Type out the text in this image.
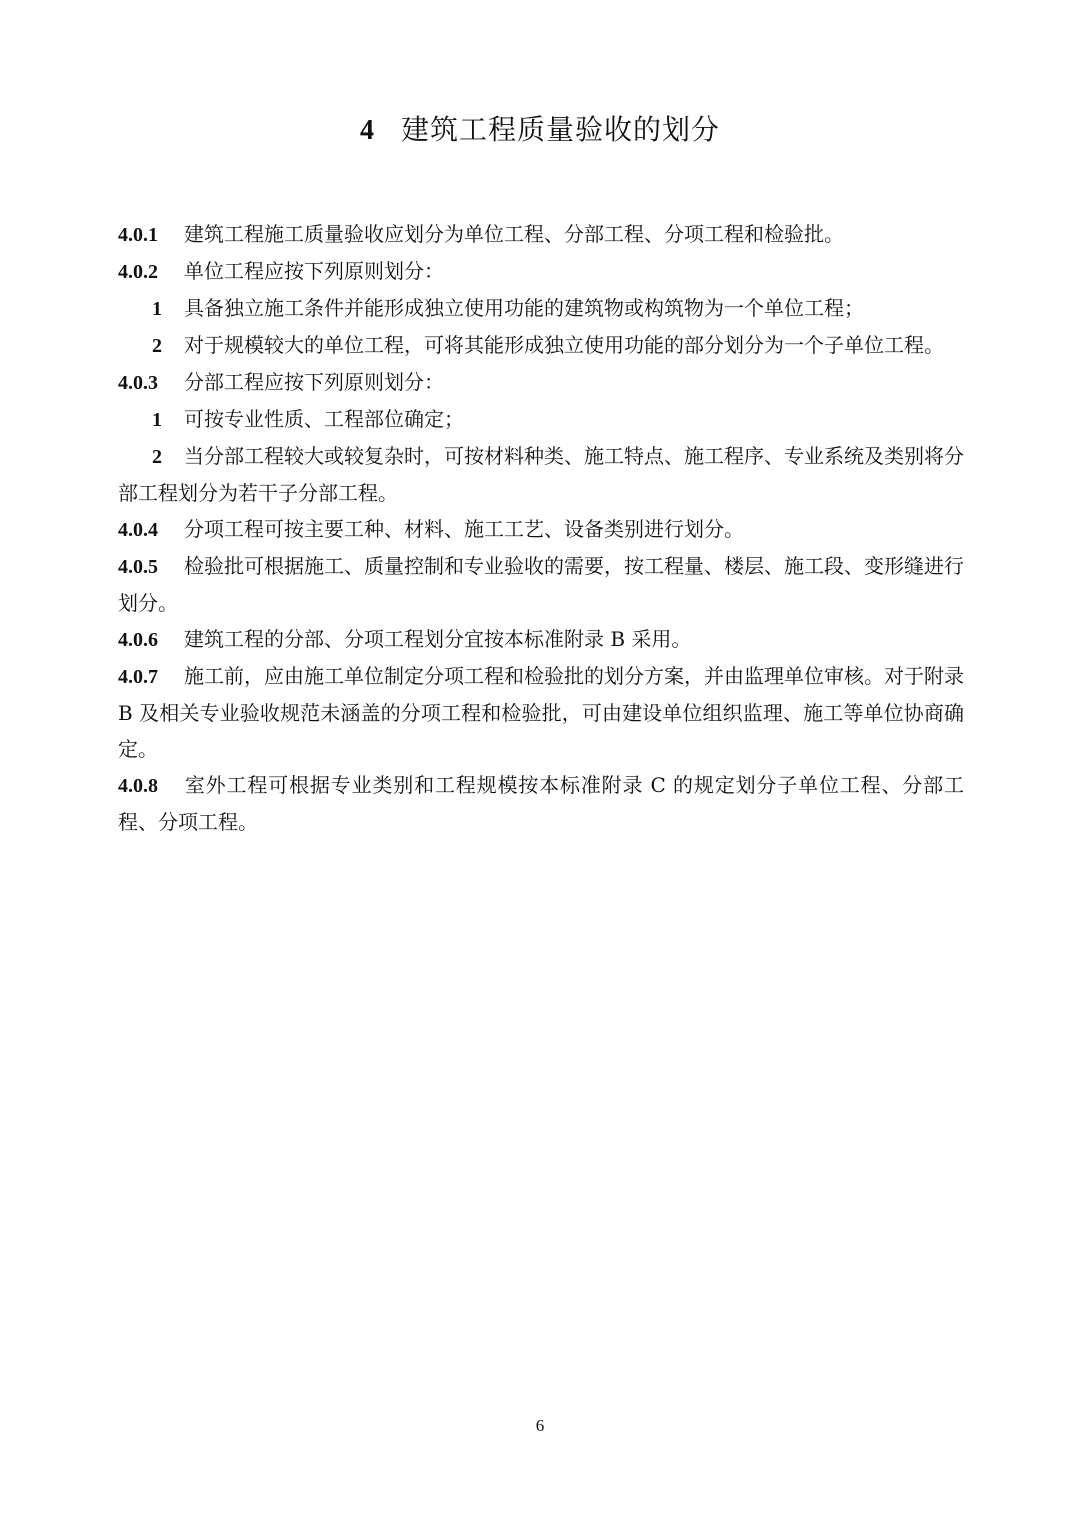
4 建筑工程质量验收的划分

4.0.1 建筑工程施工质量验收应划分为单位工程、分部工程、分项工程和检验批。

4.0.2 单位工程应按下列原则划分：

1 具备独立施工条件并能形成独立使用功能的建筑物或构筑物为一个单位工程；

2 对于规模较大的单位工程，可将其能形成独立使用功能的部分划分为一个子单位工程。

4.0.3 分部工程应按下列原则划分：

1 可按专业性质、工程部位确定；

2 当分部工程较大或较复杂时，可按材料种类、施工特点、施工程序、专业系统及类别将分部工程划分为若干子分部工程。

4.0.4 分项工程可按主要工种、材料、施工工艺、设备类别进行划分。

4.0.5 检验批可根据施工、质量控制和专业验收的需要，按工程量、楼层、施工段、变形缝进行划分。

4.0.6 建筑工程的分部、分项工程划分宜按本标准附录 B 采用。

4.0.7 施工前，应由施工单位制定分项工程和检验批的划分方案，并由监理单位审核。对于附录 B 及相关专业验收规范未涵盖的分项工程和检验批，可由建设单位组织监理、施工等单位协商确定。

4.0.8 室外工程可根据专业类别和工程规模按本标准附录 C 的规定划分子单位工程、分部工程、分项工程。

6
